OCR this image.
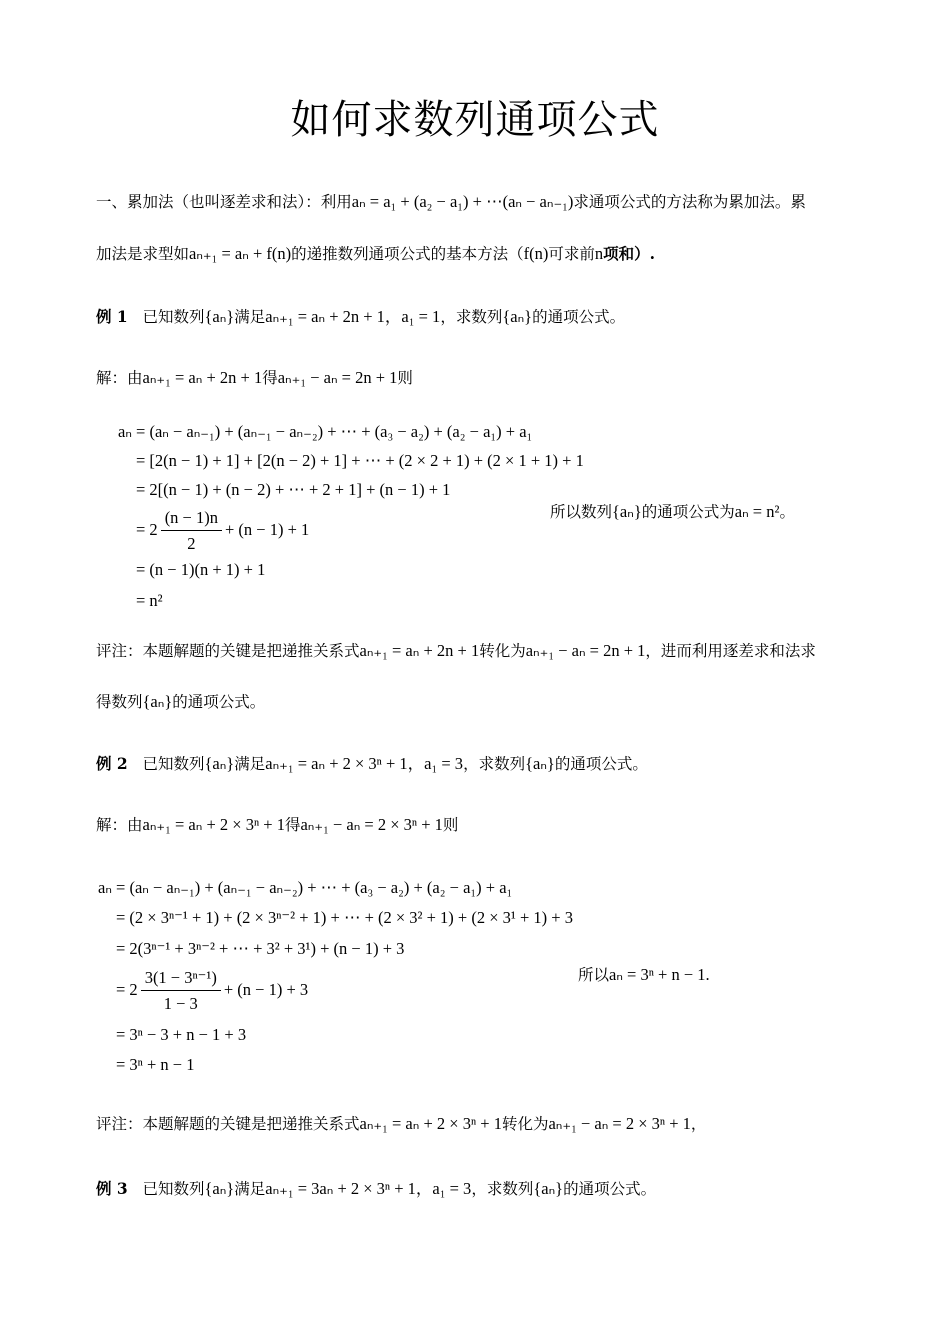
如何求数列通项公式
一、累加法（也叫逐差求和法）：利用aₙ = a₁ + (a₂ − a₁) + ⋯(aₙ − aₙ₋₁)求通项公式的方法称为累加法。累
加法是求型如aₙ₊₁ = aₙ + f(n)的递推数列通项公式的基本方法（f(n)可求前n项和）.
例 1 已知数列{aₙ}满足aₙ₊₁ = aₙ + 2n + 1，a₁ = 1，求数列{aₙ}的通项公式。
解：由aₙ₊₁ = aₙ + 2n + 1得aₙ₊₁ − aₙ = 2n + 1则
aₙ = (aₙ − aₙ₋₁) + (aₙ₋₁ − aₙ₋₂) + ⋯ + (a₃ − a₂) + (a₂ − a₁) + a₁
= [2(n − 1) + 1] + [2(n − 2) + 1] + ⋯ + (2 × 2 + 1) + (2 × 1 + 1) + 1
= 2[(n − 1) + (n − 2) + ⋯ + 2 + 1] + (n − 1) + 1
= $2 \frac{(n - 1)n}{2} + (n - 1) + 1$
= (n − 1)(n + 1) + 1
= n²
所以数列{aₙ}的通项公式为aₙ = n²。
评注：本题解题的关键是把递推关系式aₙ₊₁ = aₙ + 2n + 1转化为aₙ₊₁ − aₙ = 2n + 1，进而利用逐差求和法求
得数列{aₙ}的通项公式。
例 2 已知数列{aₙ}满足aₙ₊₁ = aₙ + 2 × 3ⁿ + 1，a₁ = 3，求数列{aₙ}的通项公式。
解：由aₙ₊₁ = aₙ + 2 × 3ⁿ + 1得aₙ₊₁ − aₙ = 2 × 3ⁿ + 1则
aₙ = (aₙ − aₙ₋₁) + (aₙ₋₁ − aₙ₋₂) + ⋯ + (a₃ − a₂) + (a₂ − a₁) + a₁
= (2 × 3ⁿ⁻¹ + 1) + (2 × 3ⁿ⁻² + 1) + ⋯ + (2 × 3² + 1) + (2 × 3¹ + 1) + 3
= 2(3ⁿ⁻¹ + 3ⁿ⁻² + ⋯ + 3² + 3¹) + (n − 1) + 3
= $2 \frac{\text{3(1 − 3ⁿ⁻¹)}}{1 - 3} + (n - 1) + 3$
= 3ⁿ − 3 + n − 1 + 3
= 3ⁿ + n − 1
所以aₙ = 3ⁿ + n − 1.
评注：本题解题的关键是把递推关系式aₙ₊₁ = aₙ + 2 × 3ⁿ + 1转化为aₙ₊₁ − aₙ = 2 × 3ⁿ + 1，
例 3 已知数列{aₙ}满足aₙ₊₁ = 3aₙ + 2 × 3ⁿ + 1，a₁ = 3，求数列{aₙ}的通项公式。
